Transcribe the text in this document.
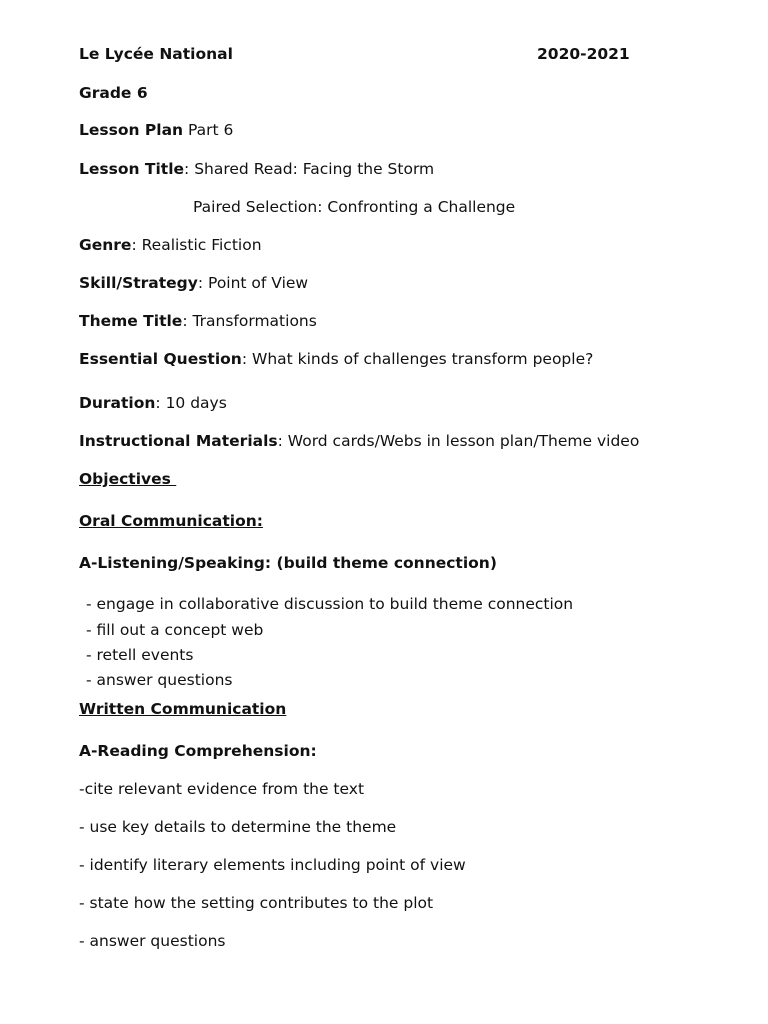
Le Lycée National	2020-2021
Grade 6
Lesson Plan Part 6
Lesson Title: Shared Read: Facing the Storm
Paired Selection: Confronting a Challenge
Genre: Realistic Fiction
Skill/Strategy: Point of View
Theme Title: Transformations
Essential Question: What kinds of challenges transform people?
Duration: 10 days
Instructional Materials: Word cards/Webs in lesson plan/Theme video
Objectives
Oral Communication:
A-Listening/Speaking: (build theme connection)
- engage in collaborative discussion to build theme connection
- fill out a concept web
- retell events
- answer questions
Written Communication
A-Reading Comprehension:
-cite relevant evidence from the text
- use key details to determine the theme
- identify literary elements including point of view
- state how the setting contributes to the plot
- answer questions
